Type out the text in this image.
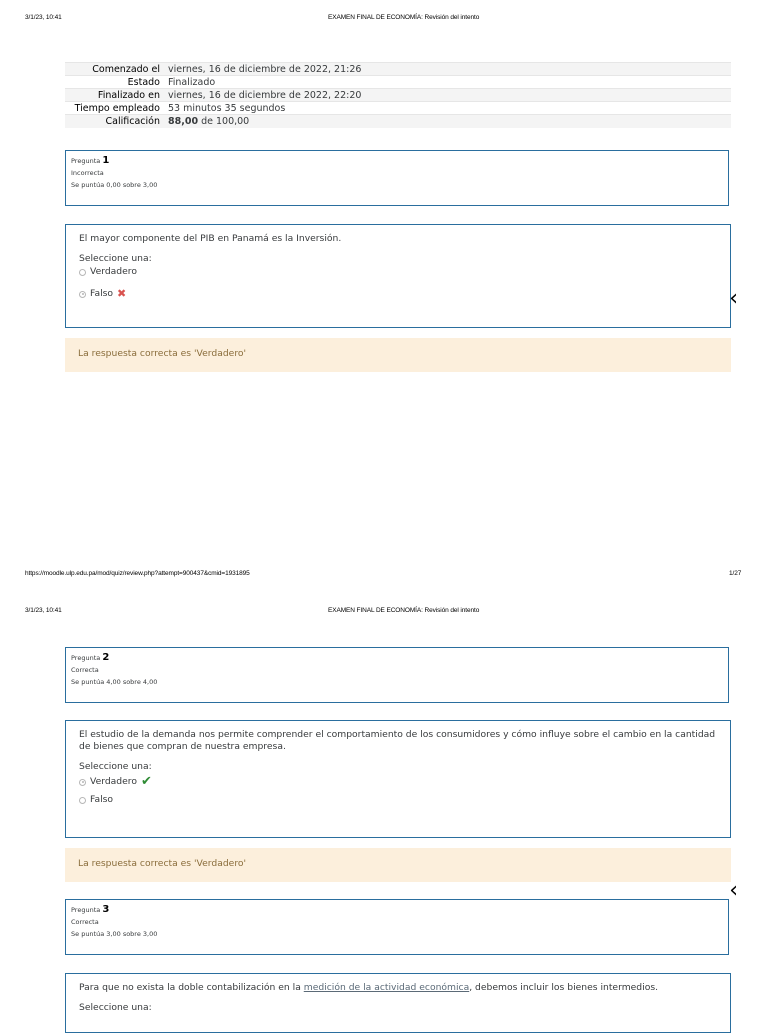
3/1/23, 10:41	EXAMEN FINAL DE ECONOMÍA: Revisión del intento
Comenzado el	viernes, 16 de diciembre de 2022, 21:26
Estado	Finalizado
Finalizado en	viernes, 16 de diciembre de 2022, 22:20
Tiempo empleado	53 minutos 35 segundos
Calificación	88,00 de 100,00
Pregunta 1
Incorrecta
Se puntúa 0,00 sobre 3,00
El mayor componente del PIB en Panamá es la Inversión.
Seleccione una:
Verdadero
Falso ✖
La respuesta correcta es 'Verdadero'
‹
https://moodle.ulp.edu.pa/mod/quiz/review.php?attempt=900437&cmid=1931895	1/27
3/1/23, 10:41	EXAMEN FINAL DE ECONOMÍA: Revisión del intento
Pregunta 2
Correcta
Se puntúa 4,00 sobre 4,00
El estudio de la demanda nos permite comprender el comportamiento de los consumidores y cómo influye sobre el cambio en la cantidad de bienes que compran de nuestra empresa.
Seleccione una:
Verdadero ✔
Falso
La respuesta correcta es 'Verdadero'
‹
Pregunta 3
Correcta
Se puntúa 3,00 sobre 3,00
Para que no exista la doble contabilización en la medición de la actividad económica, debemos incluir los bienes intermedios.
Seleccione una:
